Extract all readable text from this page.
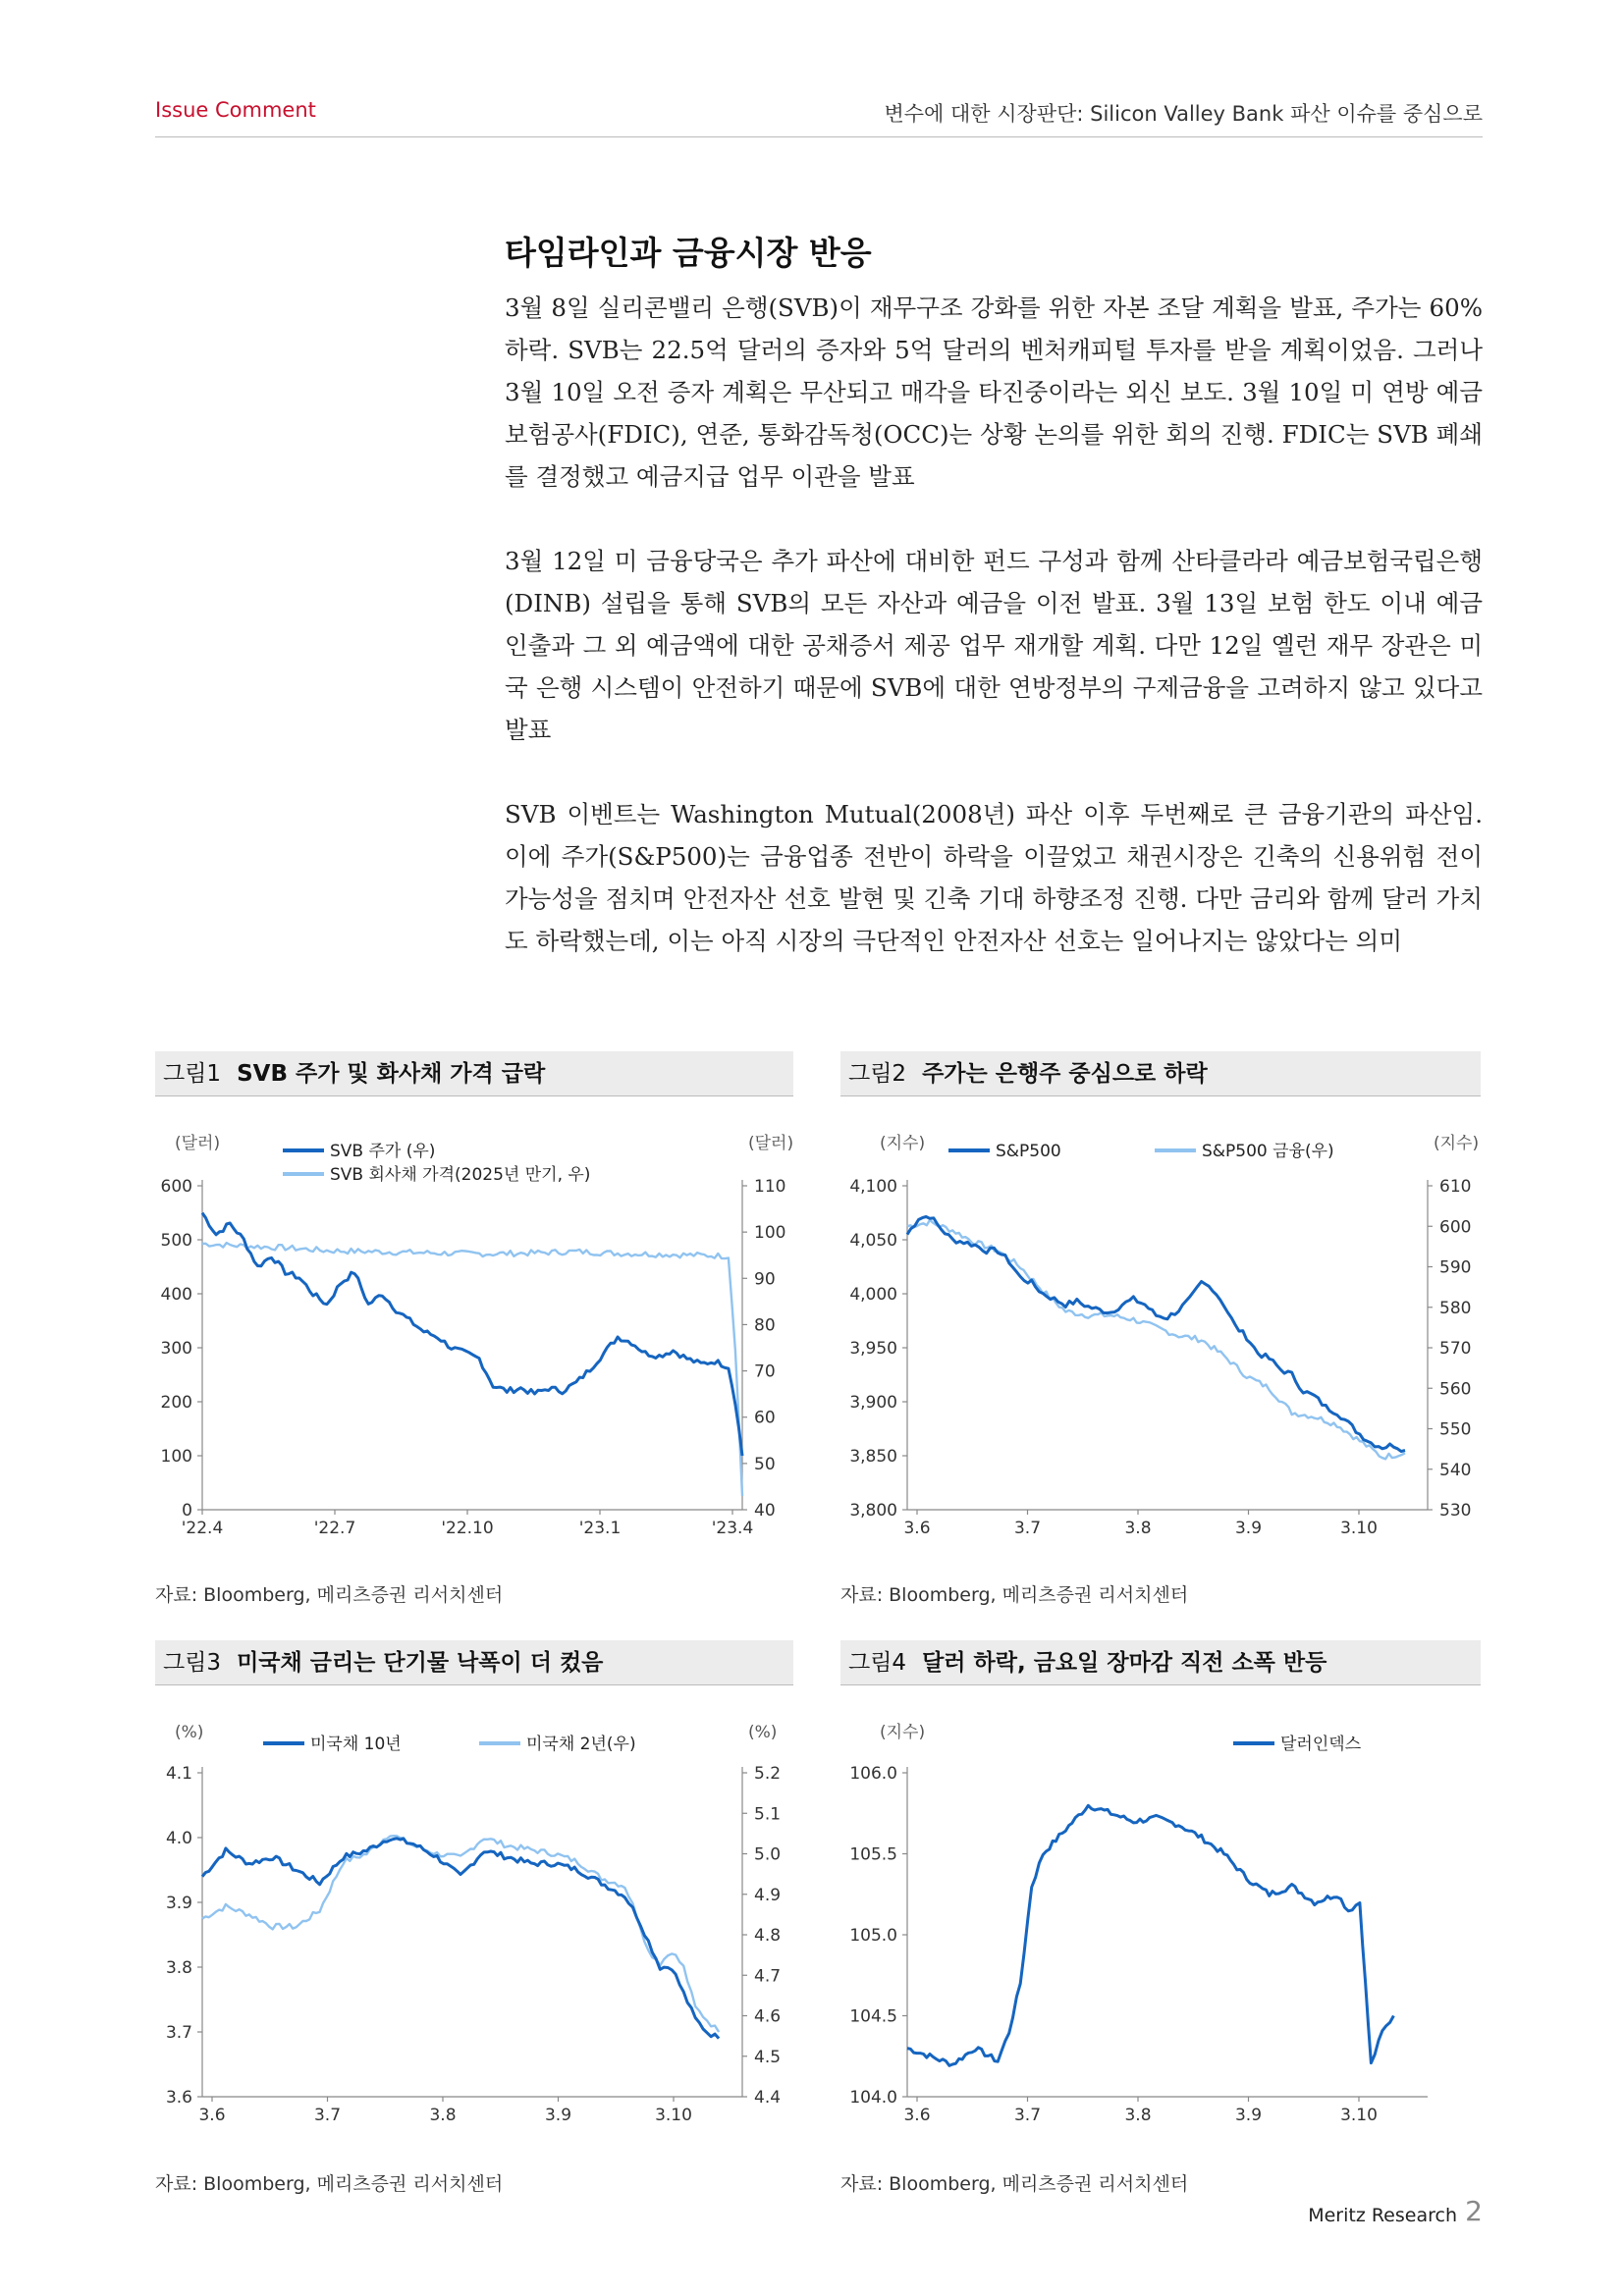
Issue Comment	변수에 대한 시장판단: Silicon Valley Bank 파산 이슈를 중심으로
타임라인과 금융시장 반응

3월 8일 실리콘밸리 은행(SVB)이 재무구조 강화를 위한 자본 조달 계획을 발표, 주가는 60% 하락. SVB는 22.5억 달러의 증자와 5억 달러의 벤처캐피털 투자를 받을 계획이었음. 그러나 3월 10일 오전 증자 계획은 무산되고 매각을 타진중이라는 외신 보도. 3월 10일 미 연방 예금보험공사(FDIC), 연준, 통화감독청(OCC)는 상황 논의를 위한 회의 진행. FDIC는 SVB 폐쇄를 결정했고 예금지급 업무 이관을 발표

3월 12일 미 금융당국은 추가 파산에 대비한 펀드 구성과 함께 산타클라라 예금보험국립은행(DINB) 설립을 통해 SVB의 모든 자산과 예금을 이전 발표. 3월 13일 보험 한도 이내 예금 인출과 그 외 예금액에 대한 공채증서 제공 업무 재개할 계획. 다만 12일 옐런 재무 장관은 미국 은행 시스템이 안전하기 때문에 SVB에 대한 연방정부의 구제금융을 고려하지 않고 있다고 발표

SVB 이벤트는 Washington Mutual(2008년) 파산 이후 두번째로 큰 금융기관의 파산임. 이에 주가(S&P500)는 금융업종 전반이 하락을 이끌었고 채권시장은 긴축의 신용위험 전이 가능성을 점치며 안전자산 선호 발현 및 긴축 기대 하향조정 진행. 다만 금리와 함께 달러 가치도 하락했는데, 이는 아직 시장의 극단적인 안전자산 선호는 일어나지는 않았다는 의미

그림1 SVB 주가 및 화사채 가격 급락
(달러)	(달러)
0
100
200
300
400
500
600
40
50
60
70
80
90
100
110
'22.4	'22.7	'22.10	'23.1	'23.4
SVB 주가 (우)
SVB 회사채 가격(2025년 만기, 우)
자료: Bloomberg, 메리츠증권 리서치센터
그림2 주가는 은행주 중심으로 하락
(지수)	(지수)
3,800
3,850
3,900
3,950
4,000
4,050
4,100
530
540
550
560
570
580
590
600
610
3.6	3.7	3.8	3.9	3.10
S&P500	S&P500 금융(우)
자료: Bloomberg, 메리츠증권 리서치센터
그림3 미국채 금리는 단기물 낙폭이 더 컸음
(%)	(%)
3.6
3.7
3.8
3.9
4.0
4.1
4.4
4.5
4.6
4.7
4.8
4.9
5.0
5.1
5.2
3.6	3.7	3.8	3.9	3.10
미국채 10년	미국채 2년(우)
자료: Bloomberg, 메리츠증권 리서치센터
그림4 달러 하락, 금요일 장마감 직전 소폭 반등
(지수)
104.0
104.5
105.0
105.5
106.0
3.6	3.7	3.8	3.9	3.10
달러인덱스
자료: Bloomberg, 메리츠증권 리서치센터
Meritz Research 2
